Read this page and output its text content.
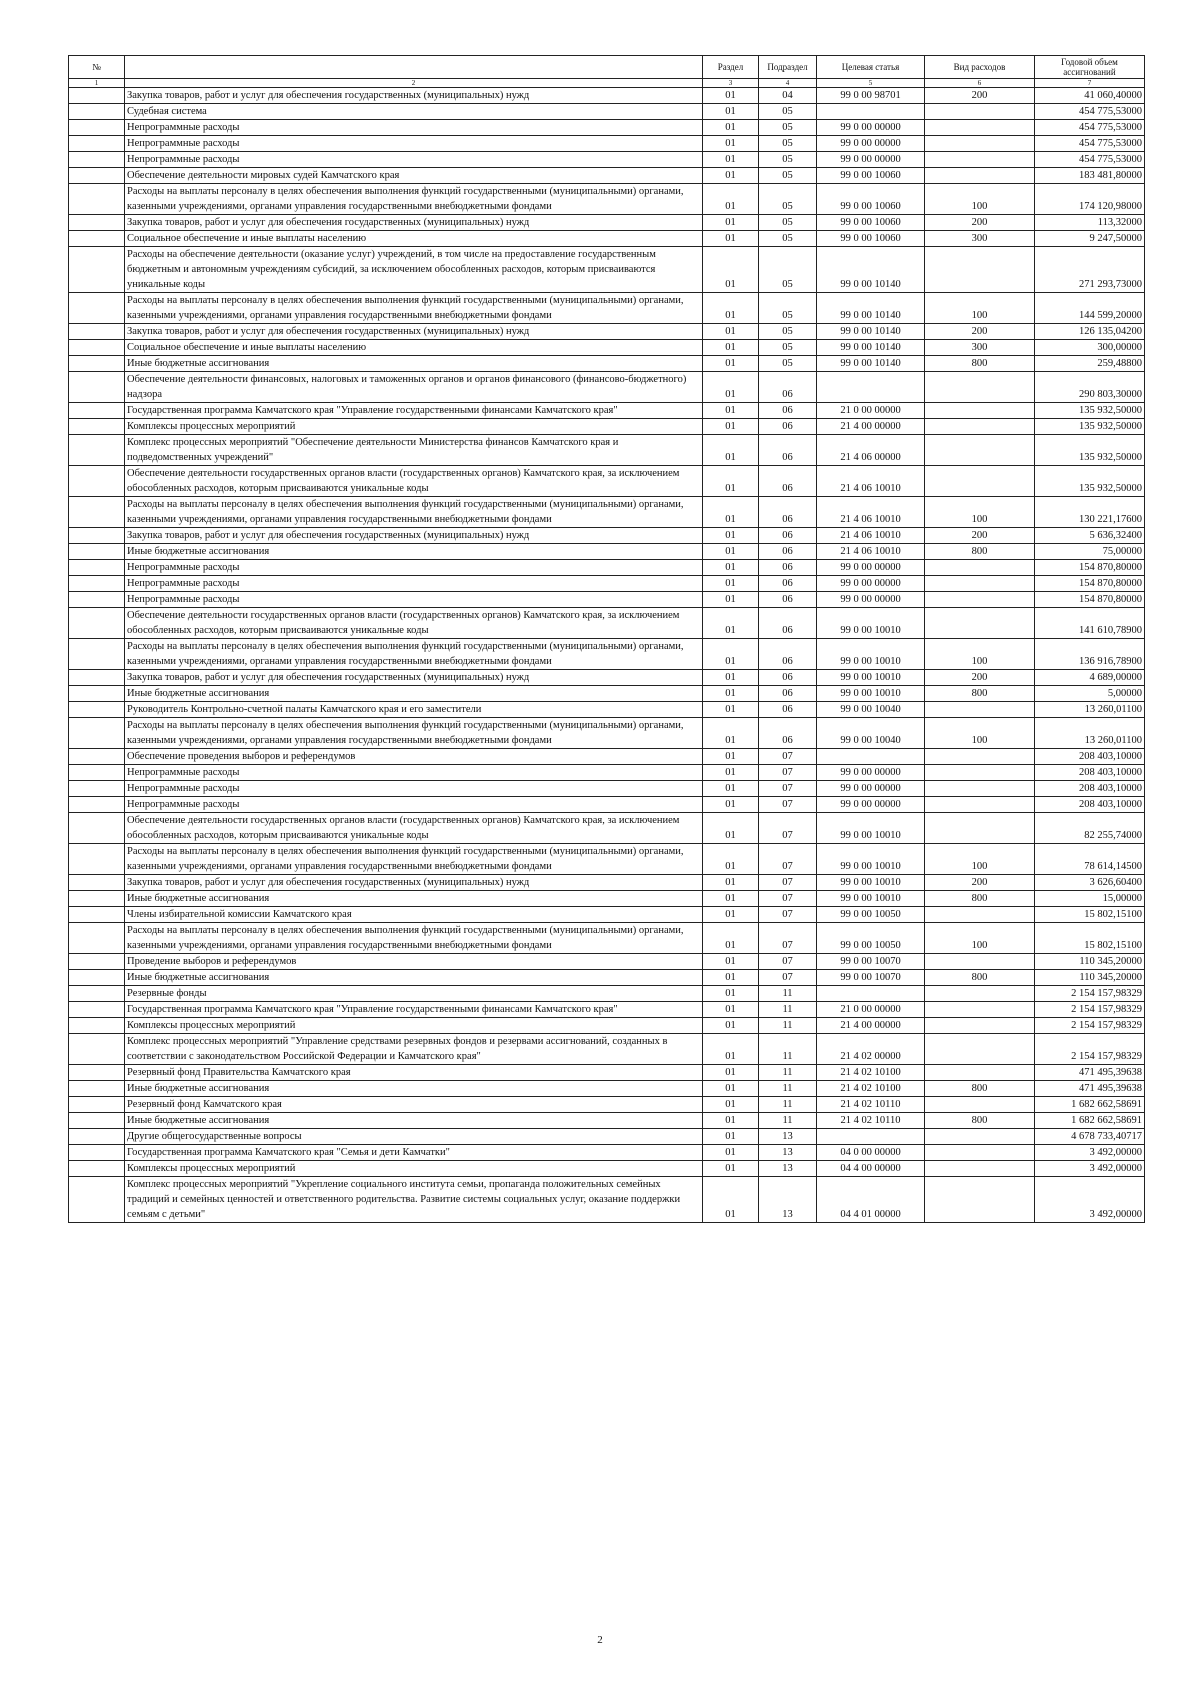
№		Раздел	Подраздел	Целевая статья	Вид расходов	Годовой объем ассигнований
1	2	3	4	5	6	7
	Закупка товаров, работ и услуг для обеспечения государственных (муниципальных) нужд	01	04	99 0 00 98701	200	41 060,40000
	Судебная система	01	05			454 775,53000
	Непрограммные расходы	01	05	99 0 00 00000		454 775,53000
	Непрограммные расходы	01	05	99 0 00 00000		454 775,53000
	Непрограммные расходы	01	05	99 0 00 00000		454 775,53000
	Обеспечение деятельности мировых судей Камчатского края	01	05	99 0 00 10060		183 481,80000
	Расходы на выплаты персоналу в целях обеспечения выполнения функций государственными (муниципальными) органами, казенными учреждениями, органами управления государственными внебюджетными фондами	01	05	99 0 00 10060	100	174 120,98000
	Закупка товаров, работ и услуг для обеспечения государственных (муниципальных) нужд	01	05	99 0 00 10060	200	113,32000
	Социальное обеспечение и иные выплаты населению	01	05	99 0 00 10060	300	9 247,50000
	Расходы на обеспечение деятельности (оказание услуг) учреждений, в том числе на предоставление государственным бюджетным и автономным учреждениям субсидий, за исключением обособленных расходов, которым присваиваются уникальные коды	01	05	99 0 00 10140		271 293,73000
	Расходы на выплаты персоналу в целях обеспечения выполнения функций государственными (муниципальными) органами, казенными учреждениями, органами управления государственными внебюджетными фондами	01	05	99 0 00 10140	100	144 599,20000
	Закупка товаров, работ и услуг для обеспечения государственных (муниципальных) нужд	01	05	99 0 00 10140	200	126 135,04200
	Социальное обеспечение и иные выплаты населению	01	05	99 0 00 10140	300	300,00000
	Иные бюджетные ассигнования	01	05	99 0 00 10140	800	259,48800
	Обеспечение деятельности финансовых, налоговых и таможенных органов и органов финансового (финансово-бюджетного) надзора	01	06			290 803,30000
	Государственная программа Камчатского края "Управление государственными финансами Камчатского края"	01	06	21 0 00 00000		135 932,50000
	Комплексы процессных мероприятий	01	06	21 4 00 00000		135 932,50000
	Комплекс процессных мероприятий "Обеспечение деятельности Министерства финансов Камчатского края и подведомственных учреждений"	01	06	21 4 06 00000		135 932,50000
	Обеспечение деятельности государственных органов власти (государственных органов) Камчатского края, за исключением обособленных расходов, которым присваиваются уникальные коды	01	06	21 4 06 10010		135 932,50000
	Расходы на выплаты персоналу в целях обеспечения выполнения функций государственными (муниципальными) органами, казенными учреждениями, органами управления государственными внебюджетными фондами	01	06	21 4 06 10010	100	130 221,17600
	Закупка товаров, работ и услуг для обеспечения государственных (муниципальных) нужд	01	06	21 4 06 10010	200	5 636,32400
	Иные бюджетные ассигнования	01	06	21 4 06 10010	800	75,00000
	Непрограммные расходы	01	06	99 0 00 00000		154 870,80000
	Непрограммные расходы	01	06	99 0 00 00000		154 870,80000
	Непрограммные расходы	01	06	99 0 00 00000		154 870,80000
	Обеспечение деятельности государственных органов власти (государственных органов) Камчатского края, за исключением обособленных расходов, которым присваиваются уникальные коды	01	06	99 0 00 10010		141 610,78900
	Расходы на выплаты персоналу в целях обеспечения выполнения функций государственными (муниципальными) органами, казенными учреждениями, органами управления государственными внебюджетными фондами	01	06	99 0 00 10010	100	136 916,78900
	Закупка товаров, работ и услуг для обеспечения государственных (муниципальных) нужд	01	06	99 0 00 10010	200	4 689,00000
	Иные бюджетные ассигнования	01	06	99 0 00 10010	800	5,00000
	Руководитель Контрольно-счетной палаты Камчатского края и его заместители	01	06	99 0 00 10040		13 260,01100
	Расходы на выплаты персоналу в целях обеспечения выполнения функций государственными (муниципальными) органами, казенными учреждениями, органами управления государственными внебюджетными фондами	01	06	99 0 00 10040	100	13 260,01100
	Обеспечение проведения выборов и референдумов	01	07			208 403,10000
	Непрограммные расходы	01	07	99 0 00 00000		208 403,10000
	Непрограммные расходы	01	07	99 0 00 00000		208 403,10000
	Непрограммные расходы	01	07	99 0 00 00000		208 403,10000
	Обеспечение деятельности государственных органов власти (государственных органов) Камчатского края, за исключением обособленных расходов, которым присваиваются уникальные коды	01	07	99 0 00 10010		82 255,74000
	Расходы на выплаты персоналу в целях обеспечения выполнения функций государственными (муниципальными) органами, казенными учреждениями, органами управления государственными внебюджетными фондами	01	07	99 0 00 10010	100	78 614,14500
	Закупка товаров, работ и услуг для обеспечения государственных (муниципальных) нужд	01	07	99 0 00 10010	200	3 626,60400
	Иные бюджетные ассигнования	01	07	99 0 00 10010	800	15,00000
	Члены избирательной комиссии Камчатского края	01	07	99 0 00 10050		15 802,15100
	Расходы на выплаты персоналу в целях обеспечения выполнения функций государственными (муниципальными) органами, казенными учреждениями, органами управления государственными внебюджетными фондами	01	07	99 0 00 10050	100	15 802,15100
	Проведение выборов и референдумов	01	07	99 0 00 10070		110 345,20000
	Иные бюджетные ассигнования	01	07	99 0 00 10070	800	110 345,20000
	Резервные фонды	01	11			2 154 157,98329
	Государственная программа Камчатского края "Управление государственными финансами Камчатского края"	01	11	21 0 00 00000		2 154 157,98329
	Комплексы процессных мероприятий	01	11	21 4 00 00000		2 154 157,98329
	Комплекс процессных мероприятий "Управление средствами резервных фондов и резервами ассигнований, созданных в соответствии с законодательством Российской Федерации и Камчатского края"	01	11	21 4 02 00000		2 154 157,98329
	Резервный фонд Правительства Камчатского края	01	11	21 4 02 10100		471 495,39638
	Иные бюджетные ассигнования	01	11	21 4 02 10100	800	471 495,39638
	Резервный фонд Камчатского края	01	11	21 4 02 10110		1 682 662,58691
	Иные бюджетные ассигнования	01	11	21 4 02 10110	800	1 682 662,58691
	Другие общегосударственные вопросы	01	13			4 678 733,40717
	Государственная программа Камчатского края "Семья и дети Камчатки"	01	13	04 0 00 00000		3 492,00000
	Комплексы процессных мероприятий	01	13	04 4 00 00000		3 492,00000
	Комплекс процессных мероприятий "Укрепление социального института семьи, пропаганда положительных семейных традиций и семейных ценностей и ответственного родительства. Развитие системы социальных услуг, оказание поддержки семьям с детьми"	01	13	04 4 01 00000		3 492,00000
2
